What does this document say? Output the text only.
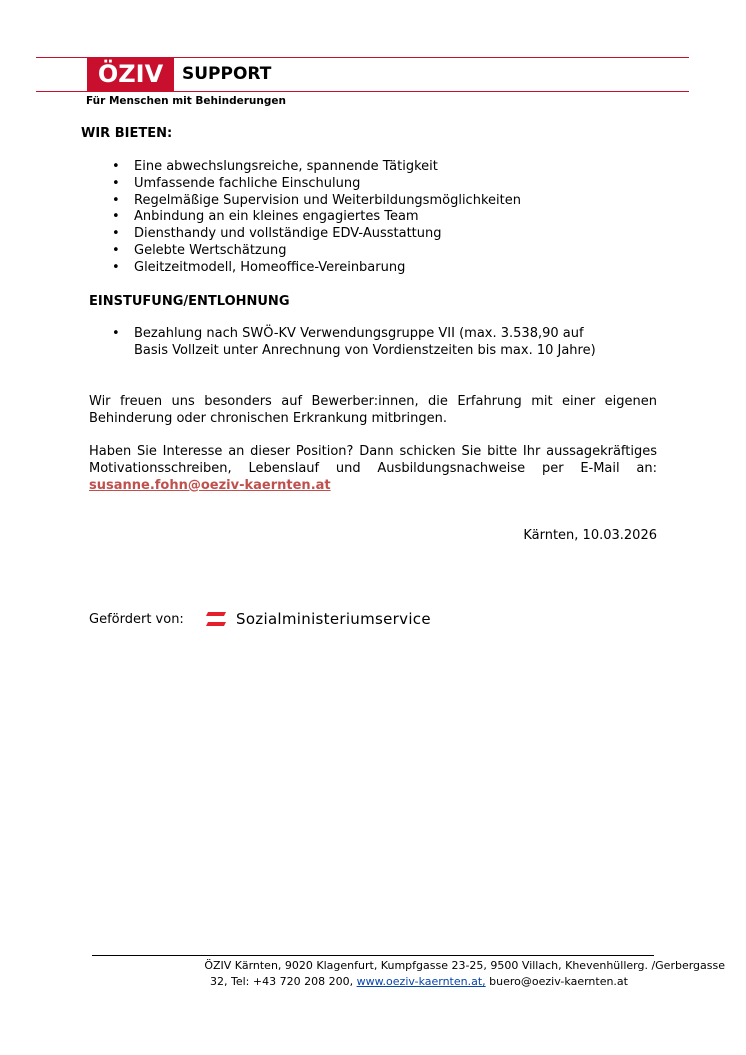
ÖZIV	SUPPORT
Für Menschen mit Behinderungen
WIR BIETEN:
• Eine abwechslungsreiche, spannende Tätigkeit
• Umfassende fachliche Einschulung
• Regelmäßige Supervision und Weiterbildungsmöglichkeiten
• Anbindung an ein kleines engagiertes Team
• Diensthandy und vollständige EDV-Ausstattung
• Gelebte Wertschätzung
• Gleitzeitmodell, Homeoffice-Vereinbarung
EINSTUFUNG/ENTLOHNUNG
• Bezahlung nach SWÖ-KV Verwendungsgruppe VII (max. 3.538,90 auf
Basis Vollzeit unter Anrechnung von Vordienstzeiten bis max. 10 Jahre)

Wir freuen uns besonders auf Bewerber:innen, die Erfahrung mit einer eigenen Behinderung oder chronischen Erkrankung mitbringen.

Haben Sie Interesse an dieser Position? Dann schicken Sie bitte Ihr aussagekräftiges Motivationsschreiben, Lebenslauf und Ausbildungsnachweise per E-Mail an: susanne.fohn@oeziv-kaernten.at

Kärnten, 10.03.2026
Gefördert von:	Sozialministeriumservice
ÖZIV Kärnten, 9020 Klagenfurt, Kumpfgasse 23-25, 9500 Villach, Khevenhüllerg. /Gerbergasse
32, Tel: +43 720 208 200, www.oeziv-kaernten.at, buero@oeziv-kaernten.at
